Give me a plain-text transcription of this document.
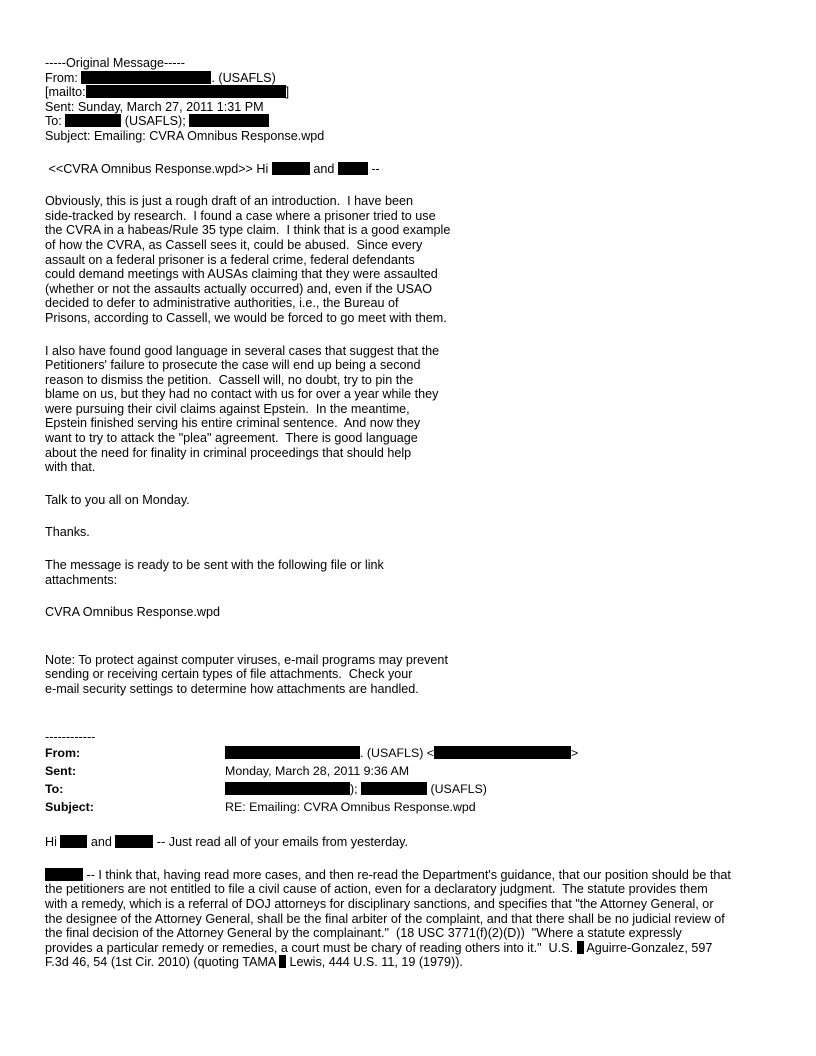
-----Original Message-----
From:	. (USAFLS)
[mailto:	]
Sent: Sunday, March 27, 2011 1:31 PM
To:	(USAFLS);
Subject: Emailing: CVRA Omnibus Response.wpd
<<CVRA Omnibus Response.wpd>> Hi	and	--
Obviously, this is just a rough draft of an introduction.  I have been
side-tracked by research.  I found a case where a prisoner tried to use
the CVRA in a habeas/Rule 35 type claim.  I think that is a good example
of how the CVRA, as Cassell sees it, could be abused.  Since every
assault on a federal prisoner is a federal crime, federal defendants
could demand meetings with AUSAs claiming that they were assaulted
(whether or not the assaults actually occurred) and, even if the USAO
decided to defer to administrative authorities, i.e., the Bureau of
Prisons, according to Cassell, we would be forced to go meet with them.
I also have found good language in several cases that suggest that the
Petitioners' failure to prosecute the case will end up being a second
reason to dismiss the petition.  Cassell will, no doubt, try to pin the
blame on us, but they had no contact with us for over a year while they
were pursuing their civil claims against Epstein.  In the meantime,
Epstein finished serving his entire criminal sentence.  And now they
want to try to attack the "plea" agreement.  There is good language
about the need for finality in criminal proceedings that should help
with that.
Talk to you all on Monday.
Thanks.
The message is ready to be sent with the following file or link
attachments:
CVRA Omnibus Response.wpd
Note: To protect against computer viruses, e-mail programs may prevent
sending or receiving certain types of file attachments.  Check your
e-mail security settings to determine how attachments are handled.
------------
From:	. (USAFLS) < >
Sent:	Monday, March 28, 2011 9:36 AM
To:	); (USAFLS)
Subject:	RE: Emailing: CVRA Omnibus Response.wpd
Hi	and	-- Just read all of your emails from yesterday.
-- I think that, having read more cases, and then re-read the Department's guidance, that our position should be that
the petitioners are not entitled to file a civil cause of action, even for a declaratory judgment.  The statute provides them
with a remedy, which is a referral of DOJ attorneys for disciplinary sanctions, and specifies that "the Attorney General, or
the designee of the Attorney General, shall be the final arbiter of the complaint, and that there shall be no judicial review of
the final decision of the Attorney General by the complainant."  (18 USC 3771(f)(2)(D))  "Where a statute expressly
provides a particular remedy or remedies, a court must be chary of reading others into it."  U.S.  Aguirre-Gonzalez, 597
F.3d 46, 54 (1st Cir. 2010) (quoting TAMA  Lewis, 444 U.S. 11, 19 (1979)).
